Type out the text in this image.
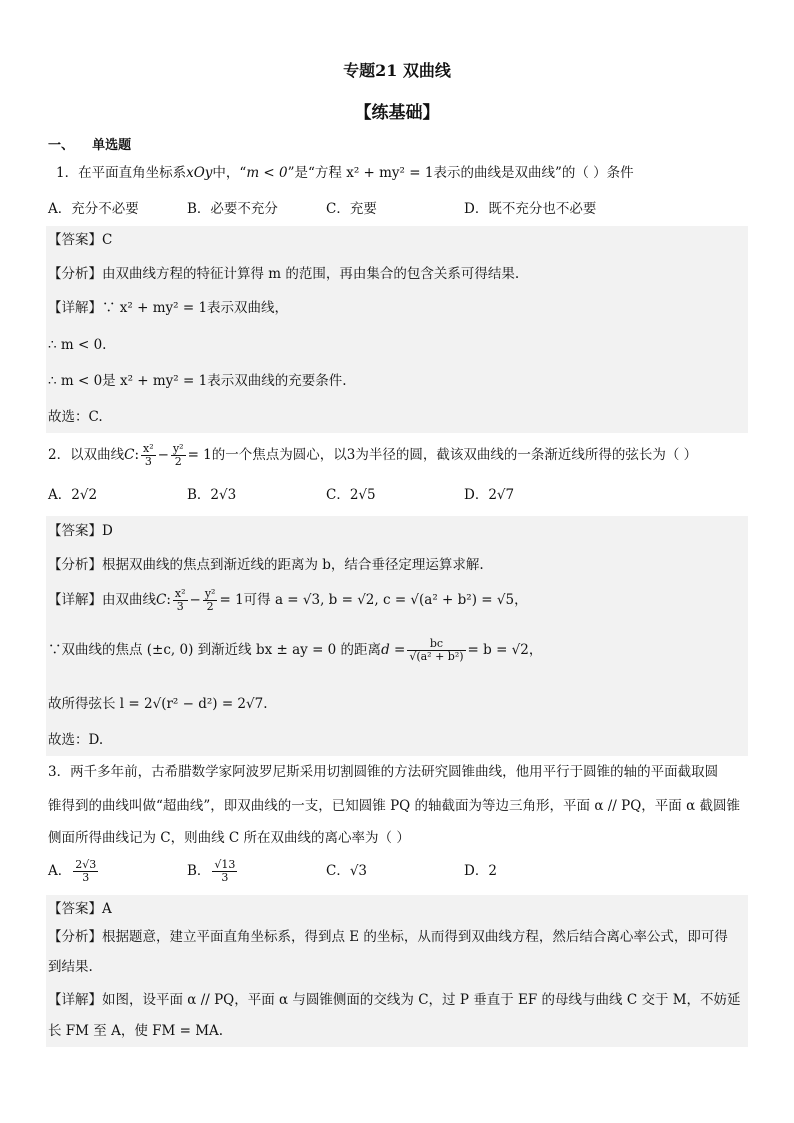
专题21 双曲线
【练基础】
一、    单选题
1．在平面直角坐标系xOy中，“m < 0”是“方程 x² + my² = 1表示的曲线是双曲线”的（ ）条件
A．充分不必要	B．必要不充分	C．充要	D．既不充分也不必要
【答案】C
【分析】由双曲线方程的特征计算得 m 的范围，再由集合的包含关系可得结果.
【详解】∵ x² + my² = 1表示双曲线，
∴ m < 0.
∴ m < 0是 x² + my² = 1表示双曲线的充要条件.
故选：C.
2．以双曲线C: $\frac{\text{x²}}{3} - \frac{\text{y²}}{2} = 1$的一个焦点为圆心，以3为半径的圆，截该双曲线的一条渐近线所得的弦长为（ ）
A．2√2	B．2√3	C．2√5	D．2√7
【答案】D
【分析】根据双曲线的焦点到渐近线的距离为 b，结合垂径定理运算求解.
【详解】由双曲线C: $\frac{\text{x²}}{3} - \frac{\text{y²}}{2} = 1$可得 a = √3, b = √2, c = √(a² + b²) = √5，
∵双曲线的焦点 (±c, 0) 到渐近线 bx ± ay = 0 的距离$d = \frac{bc}{\text{√(a² + b²)}} = b = √2$，
故所得弦长 l = 2√(r² − d²) = 2√7.
故选：D.
3．两千多年前，古希腊数学家阿波罗尼斯采用切割圆锥的方法研究圆锥曲线，他用平行于圆锥的轴的平面截取圆
锥得到的曲线叫做“超曲线”，即双曲线的一支，已知圆锥 PQ 的轴截面为等边三角形，平面 α // PQ，平面 α 截圆锥
侧面所得曲线记为 C，则曲线 C 所在双曲线的离心率为（ ）
A． $\frac{2√3}{3}$	B． $\frac{√13}{3}$	C．√3	D．2
【答案】A
【分析】根据题意，建立平面直角坐标系，得到点 E 的坐标，从而得到双曲线方程，然后结合离心率公式，即可得
到结果.
【详解】如图，设平面 α // PQ，平面 α 与圆锥侧面的交线为 C，过 P 垂直于 EF 的母线与曲线 C 交于 M，不妨延
长 FM 至 A，使 FM = MA.
